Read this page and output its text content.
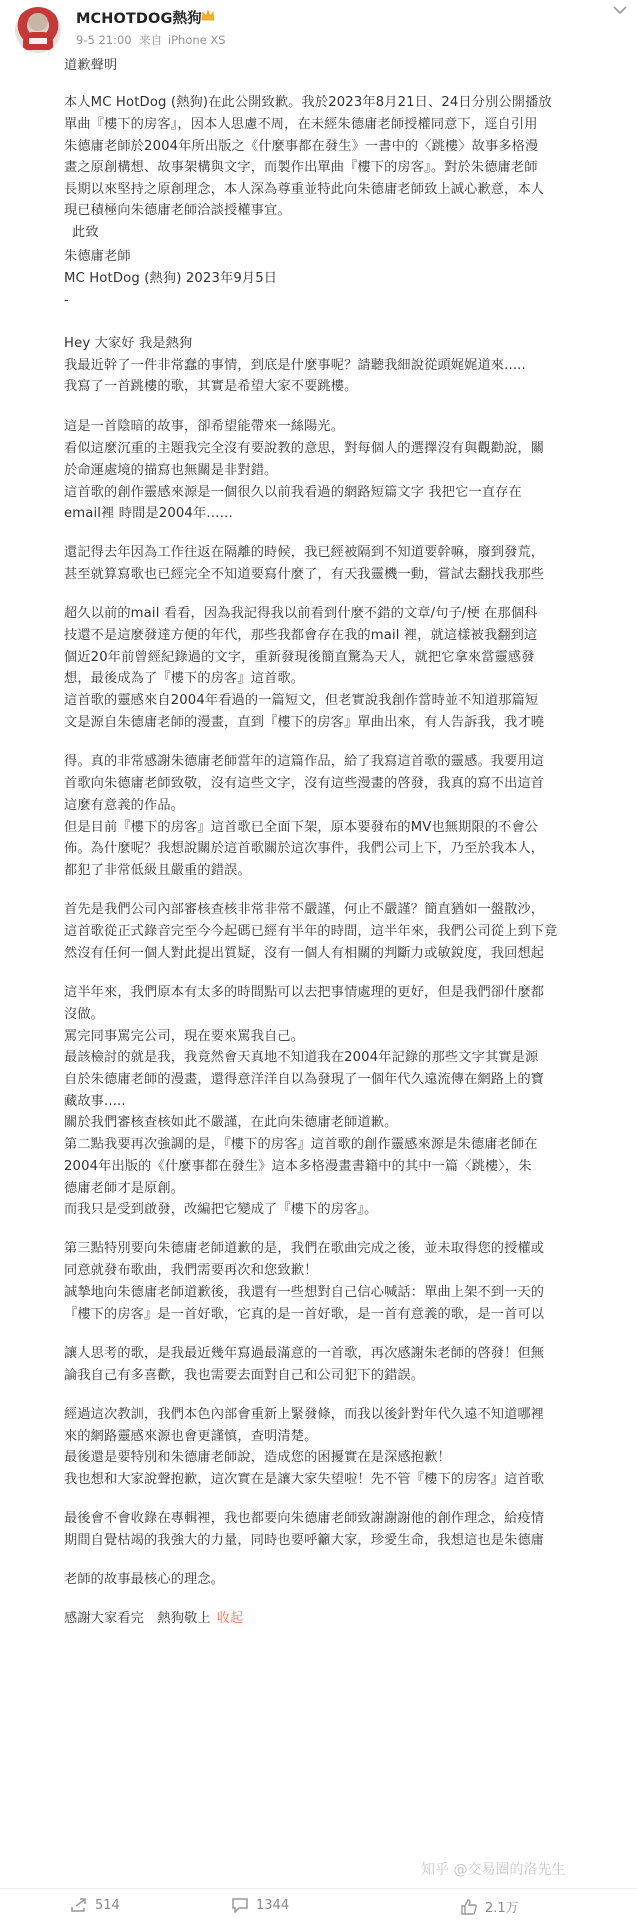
MCHOTDOG熱狗
9-5 21:00 来自 iPhone XS
道歉聲明
本人MC HotDog (熱狗)在此公開致歉。我於2023年8月21日、24日分別公開播放
單曲『樓下的房客』，因本人思慮不周，在未經朱德庸老師授權同意下，逕自引用
朱德庸老師於2004年所出版之《什麼事都在發生》一書中的〈跳樓〉故事多格漫
畫之原創構想、故事架構與文字，而製作出單曲『樓下的房客』。對於朱德庸老師
長期以來堅持之原創理念，本人深為尊重並特此向朱德庸老師致上誠心歉意，本人
現已積極向朱德庸老師洽談授權事宜。
此致
朱德庸老師
MC HotDog (熱狗) 2023年9月5日
-
Hey 大家好 我是熱狗
我最近幹了一件非常蠢的事情，到底是什麼事呢？請聽我細說從頭娓娓道來.....
我寫了一首跳樓的歌，其實是希望大家不要跳樓。
這是一首陰暗的故事，卻希望能帶來一絲陽光。
看似這麼沉重的主題我完全沒有要說教的意思，對每個人的選擇沒有與觀勸說，關
於命運處境的描寫也無關是非對錯。
這首歌的創作靈感來源是一個很久以前我看過的網路短篇文字 我把它一直存在
email裡 時間是2004年……
還記得去年因為工作往返在隔離的時候，我已經被隔到不知道要幹嘛，廢到發荒，
甚至就算寫歌也已經完全不知道要寫什麼了，有天我靈機一動，嘗試去翻找我那些
超久以前的mail 看看，因為我記得我以前看到什麼不錯的文章/句子/梗 在那個科
技還不是這麼發達方便的年代，那些我都會存在我的mail 裡，就這樣被我翻到這
個近20年前曾經紀錄過的文字，重新發現後簡直驚為天人，就把它拿來當靈感發
想，最後成為了『樓下的房客』這首歌。
這首歌的靈感來自2004年看過的一篇短文，但老實說我創作當時並不知道那篇短
文是源自朱德庸老師的漫畫，直到『樓下的房客』單曲出來，有人告訴我，我才曉
得。真的非常感謝朱德庸老師當年的這篇作品，給了我寫這首歌的靈感。我要用這
首歌向朱德庸老師致敬，沒有這些文字，沒有這些漫畫的啓發，我真的寫不出這首
這麼有意義的作品。
但是目前『樓下的房客』這首歌已全面下架，原本要發布的MV也無期限的不會公
佈。為什麼呢？我想說關於這首歌關於這次事件，我們公司上下，乃至於我本人，
都犯了非常低級且嚴重的錯誤。
首先是我們公司內部審核查核非常非常不嚴謹，何止不嚴謹？簡直猶如一盤散沙，
這首歌從正式錄音完至今今起碼已經有半年的時間，這半年來，我們公司從上到下竟
然沒有任何一個人對此提出質疑，沒有一個人有相關的判斷力或敏銳度，我回想起
這半年來，我們原本有太多的時間點可以去把事情處理的更好，但是我們卻什麼都
沒做。
罵完同事罵完公司，現在要來罵我自己。
最該檢討的就是我，我竟然會天真地不知道我在2004年記錄的那些文字其實是源
自於朱德庸老師的漫畫，還得意洋洋自以為發現了一個年代久遠流傳在網路上的寶
藏故事.....
關於我們審核查核如此不嚴謹，在此向朱德庸老師道歉。
第二點我要再次強調的是，『樓下的房客』這首歌的創作靈感來源是朱德庸老師在
2004年出版的《什麼事都在發生》這本多格漫畫書籍中的其中一篇〈跳樓〉，朱
德庸老師才是原創。
而我只是受到啟發，改編把它變成了『樓下的房客』。
第三點特別要向朱德庸老師道歉的是，我們在歌曲完成之後，並未取得您的授權或
同意就發布歌曲，我們需要再次和您致歉！
誠摯地向朱德庸老師道歉後，我還有一些想對自己信心喊話：單曲上架不到一天的
『樓下的房客』是一首好歌，它真的是一首好歌，是一首有意義的歌，是一首可以
讓人思考的歌，是我最近幾年寫過最滿意的一首歌，再次感謝朱老師的啓發！但無
論我自己有多喜歡，我也需要去面對自己和公司犯下的錯誤。
經過這次教訓，我們本色內部會重新上緊發條，而我以後針對年代久遠不知道哪裡
來的網路靈感來源也會更謹慎，查明清楚。
最後還是要特別和朱德庸老師說，造成您的困擾實在是深感抱歉！
我也想和大家說聲抱歉，這次實在是讓大家失望啦！先不管『樓下的房客』這首歌
最後會不會收錄在專輯裡，我也都要向朱德庸老師致謝謝謝他的創作理念，給疫情
期間自覺枯竭的我強大的力量，同時也要呼籲大家，珍愛生命，我想這也是朱德庸
老師的故事最核心的理念。
感謝大家看完　熱狗敬上 收起
知乎 @交易圈的洛先生
514	1344	2.1万
